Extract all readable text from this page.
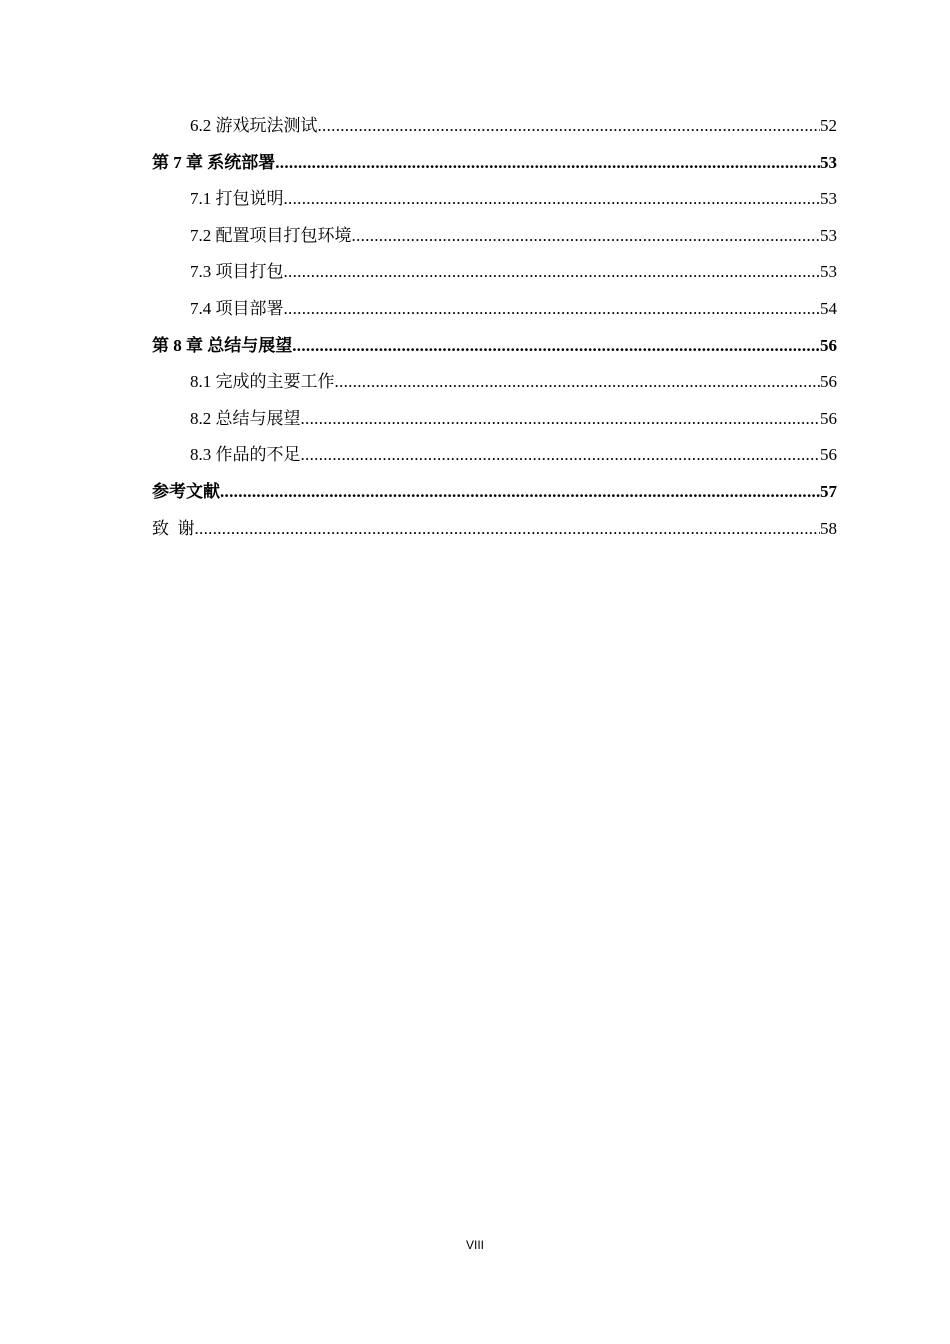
6.2 游戏玩法测试 .....	52
第 7 章 系统部署 .....	53
7.1 打包说明 .....	53
7.2 配置项目打包环境 .....	53
7.3 项目打包 .....	53
7.4 项目部署 .....	54
第 8 章 总结与展望 .....	56
8.1 完成的主要工作 .....	56
8.2 总结与展望 .....	56
8.3 作品的不足 .....	56
参考文献 .....	57
致  谢 .....	58
VIII
